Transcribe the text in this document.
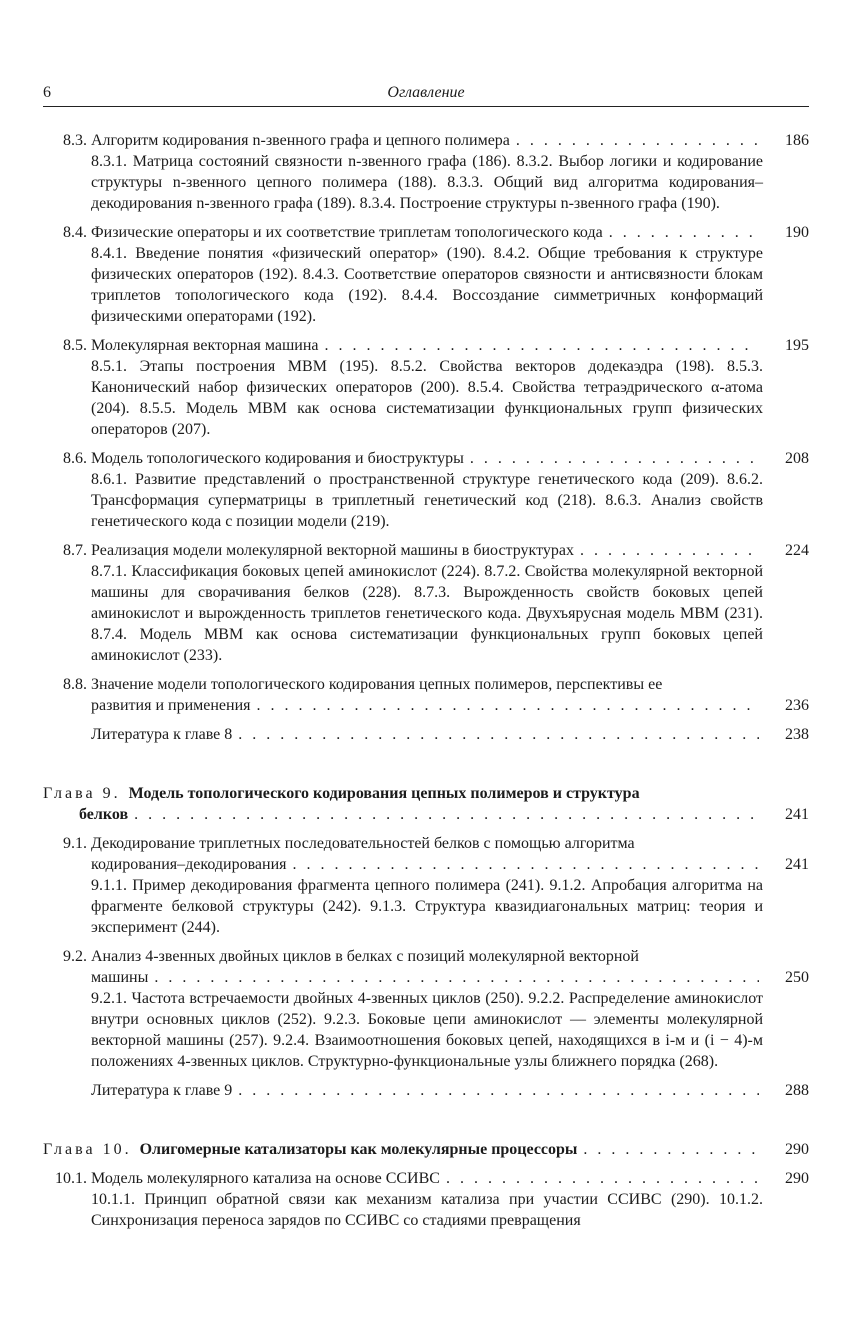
6	Оглавление
8.3. Алгоритм кодирования n-звенного графа и цепного полимера . . .	186
8.3.1. Матрица состояний связности n-звенного графа (186). 8.3.2. Выбор логики и кодирование структуры n-звенного цепного полимера (188). 8.3.3. Общий вид алгоритма кодирования–декодирования n-звенного графа (189). 8.3.4. Построение структуры n-звенного графа (190).
8.4. Физические операторы и их соответствие триплетам топологического кода . . .	190
8.4.1. Введение понятия «физический оператор» (190). 8.4.2. Общие требования к структуре физических операторов (192). 8.4.3. Соответствие операторов связности и антисвязности блокам триплетов топологического кода (192). 8.4.4. Воссоздание симметричных конформаций физическими операторами (192).
8.5. Молекулярная векторная машина . . .	195
8.5.1. Этапы построения МВМ (195). 8.5.2. Свойства векторов додекаэдра (198). 8.5.3. Канонический набор физических операторов (200). 8.5.4. Свойства тетраэдрического α-атома (204). 8.5.5. Модель МВМ как основа систематизации функциональных групп физических операторов (207).
8.6. Модель топологического кодирования и биоструктуры . . .	208
8.6.1. Развитие представлений о пространственной структуре генетического кода (209). 8.6.2. Трансформация суперматрицы в триплетный генетический код (218). 8.6.3. Анализ свойств генетического кода с позиции модели (219).
8.7. Реализация модели молекулярной векторной машины в биоструктурах . . .	224
8.7.1. Классификация боковых цепей аминокислот (224). 8.7.2. Свойства молекулярной векторной машины для сворачивания белков (228). 8.7.3. Вырожденность свойств боковых цепей аминокислот и вырожденность триплетов генетического кода. Двухъярусная модель МВМ (231). 8.7.4. Модель МВМ как основа систематизации функциональных групп боковых цепей аминокислот (233).
8.8. Значение модели топологического кодирования цепных полимеров, перспективы ее
развития и применения . . .	236
Литература к главе 8 . . .	238
Глава 9. Модель топологического кодирования цепных полимеров и структура
белков . . .	241
9.1. Декодирование триплетных последовательностей белков с помощью алгоритма
кодирования–декодирования . . .	241
9.1.1. Пример декодирования фрагмента цепного полимера (241). 9.1.2. Апробация алгоритма на фрагменте белковой структуры (242). 9.1.3. Структура квазидиагональных матриц: теория и эксперимент (244).
9.2. Анализ 4-звенных двойных циклов в белках с позиций молекулярной векторной
машины . . .	250
9.2.1. Частота встречаемости двойных 4-звенных циклов (250). 9.2.2. Распределение аминокислот внутри основных циклов (252). 9.2.3. Боковые цепи аминокислот — элементы молекулярной векторной машины (257). 9.2.4. Взаимоотношения боковых цепей, находящихся в i-м и (i − 4)-м положениях 4-звенных циклов. Структурно-функциональные узлы ближнего порядка (268).
Литература к главе 9 . . .	288
Глава 10. Олигомерные катализаторы как молекулярные процессоры . . .	290
10.1. Модель молекулярного катализа на основе ССИВС . . .	290
10.1.1. Принцип обратной связи как механизм катализа при участии ССИВС (290). 10.1.2. Синхронизация переноса зарядов по ССИВС со стадиями превращения
